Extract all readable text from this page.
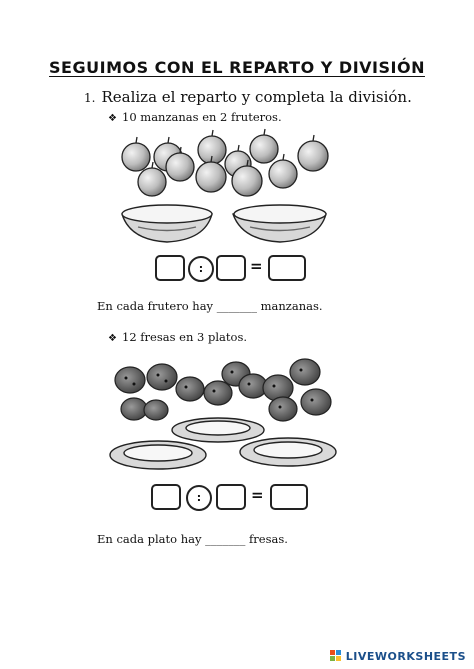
SEGUIMOS CON EL REPARTO Y DIVISIÓN
1. Realiza el reparto y completa la división.
❖ 10 manzanas en 2 fruteros.
:	=
En cada frutero hay _______ manzanas.
❖ 12 fresas en 3 platos.
:	=
En cada plato hay _______ fresas.
LIVEWORKSHEETS
